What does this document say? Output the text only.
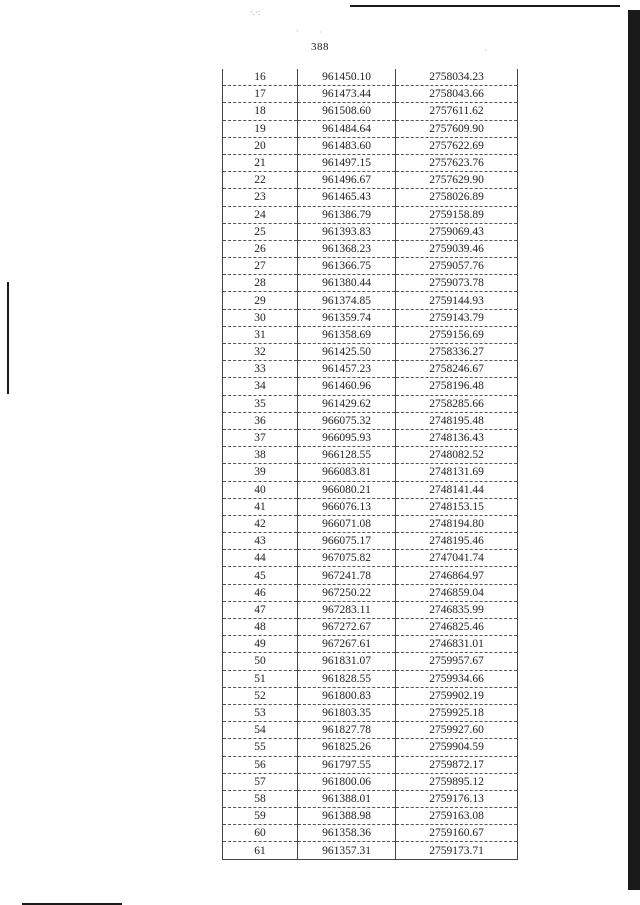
·.·:
·	·
·
388
16	961450.10	2758034.23
17	961473.44	2758043.66
18	961508.60	2757611.62
19	961484.64	2757609.90
20	961483.60	2757622.69
21	961497.15	2757623.76
22	961496.67	2757629.90
23	961465.43	2758026.89
24	961386.79	2759158.89
25	961393.83	2759069.43
26	961368.23	2759039.46
27	961366.75	2759057.76
28	961380.44	2759073.78
29	961374.85	2759144.93
30	961359.74	2759143.79
31	961358.69	2759156.69
32	961425.50	2758336.27
33	961457.23	2758246.67
34	961460.96	2758196.48
35	961429.62	2758285.66
36	966075.32	2748195.48
37	966095.93	2748136.43
38	966128.55	2748082.52
39	966083.81	2748131.69
40	966080.21	2748141.44
41	966076.13	2748153.15
42	966071.08	2748194.80
43	966075.17	2748195.46
44	967075.82	2747041.74
45	967241.78	2746864.97
46	967250.22	2746859.04
47	967283.11	2746835.99
48	967272.67	2746825.46
49	967267.61	2746831.01
50	961831.07	2759957.67
51	961828.55	2759934.66
52	961800.83	2759902.19
53	961803.35	2759925.18
54	961827.78	2759927.60
55	961825.26	2759904.59
56	961797.55	2759872.17
57	961800.06	2759895.12
58	961388.01	2759176.13
59	961388.98	2759163.08
60	961358.36	2759160.67
61	961357.31	2759173.71
